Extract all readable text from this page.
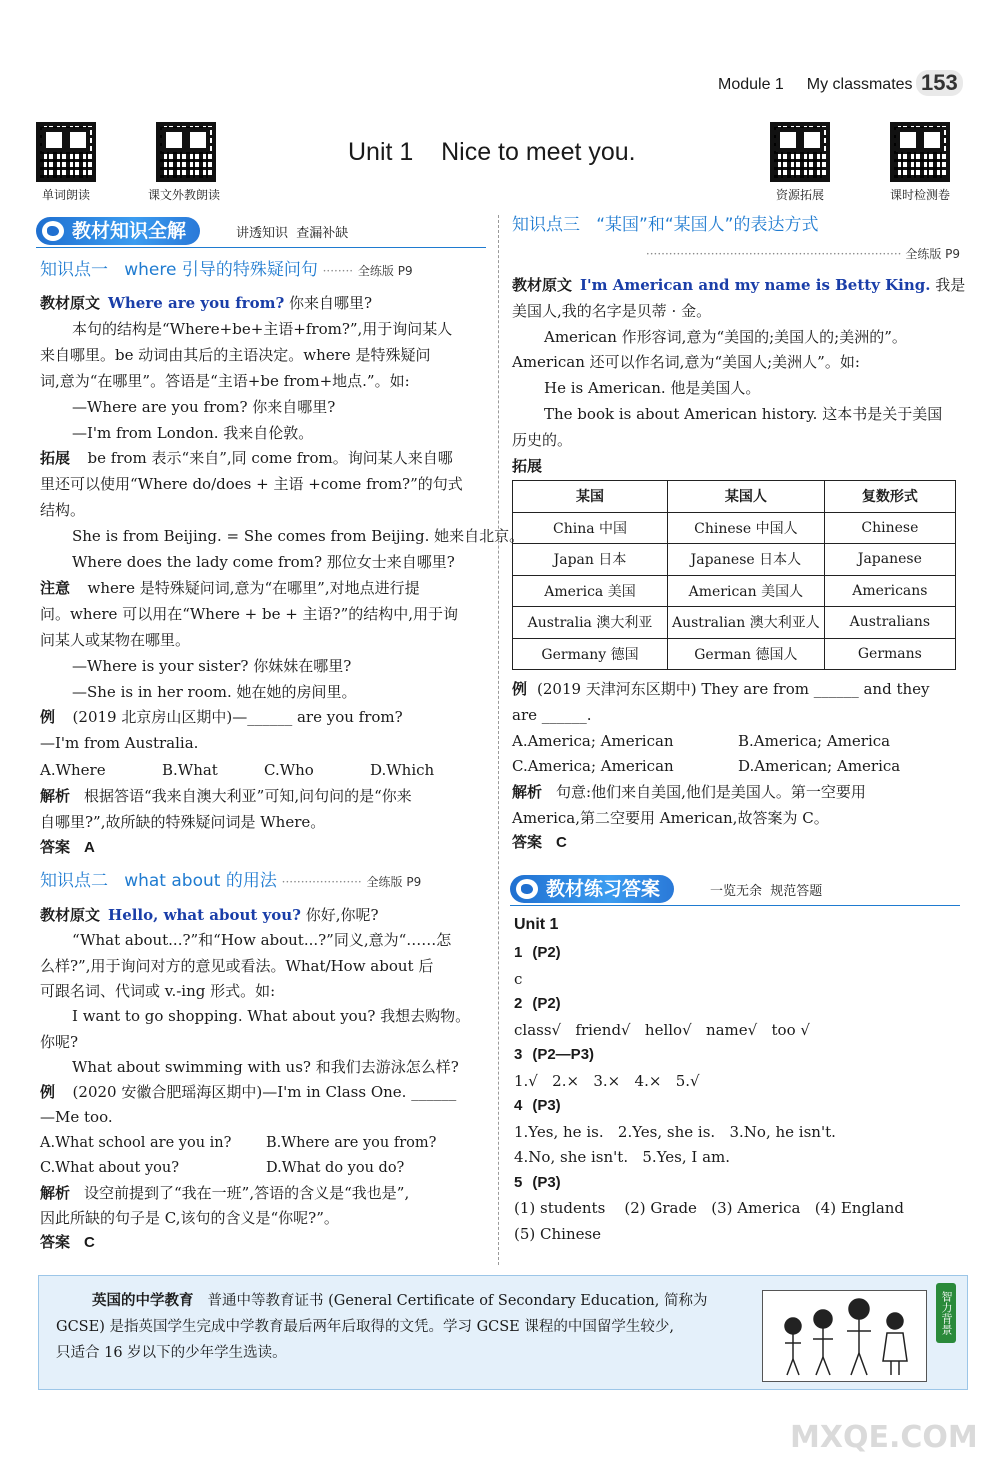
Module 1 My classmates 153
单词朗读	课文外教朗读	资源拓展	课时检测卷
Unit 1    Nice to meet you.
教材知识全解	讲透知识  查漏补缺
知识点一   where 引导的特殊疑问句 ········ 全练版 P9
教材原文 Where are you from? 你来自哪里?
本句的结构是“Where+be+主语+from?”,用于询问某人
来自哪里。be 动词由其后的主语决定。where 是特殊疑问
词,意为“在哪里”。答语是“主语+be from+地点.”。如:
—Where are you from? 你来自哪里?
—I'm from London. 我来自伦敦。
拓展  be from 表示“来自”,同 come from。询问某人来自哪
里还可以使用“Where do/does + 主语 +come from?”的句式
结构。
She is from Beijing. = She comes from Beijing. 她来自北京。
Where does the lady come from? 那位女士来自哪里?
注意  where 是特殊疑问词,意为“在哪里”,对地点进行提
问。where 可以用在“Where + be + 主语?”的结构中,用于询
问某人或某物在哪里。
—Where is your sister? 你妹妹在哪里?
—She is in her room. 她在她的房间里。
例  (2019 北京房山区期中)—______ are you from?
—I'm from Australia.
A.Where	B.What	C.Who	D.Which
解析 根据答语“我来自澳大利亚”可知,问句问的是“你来
自哪里?”,故所缺的特殊疑问词是 Where。
答案 A
知识点二   what about 的用法 ····················· 全练版 P9
教材原文 Hello, what about you? 你好,你呢?
“What about...?”和“How about...?”同义,意为“……怎
么样?”,用于询问对方的意见或看法。What/How about 后
可跟名词、代词或 v.-ing 形式。如:
I want to go shopping. What about you? 我想去购物。
你呢?
What about swimming with us? 和我们去游泳怎么样?
例  (2020 安徽合肥瑶海区期中)—I'm in Class One. ______
—Me too.
A.What school are you in? B.Where are you from?
C.What about you?	D.What do you do?
解析 设空前提到了“我在一班”,答语的含义是“我也是”,
因此所缺的句子是 C,该句的含义是“你呢?”。
答案 C
知识点三   “某国”和“某国人”的表达方式
··································································· 全练版 P9
教材原文 I'm American and my name is Betty King. 我是
美国人,我的名字是贝蒂 · 金。
American 作形容词,意为“美国的;美国人的;美洲的”。
American 还可以作名词,意为“美国人;美洲人”。如:
He is American. 他是美国人。
The book is about American history. 这本书是关于美国
历史的。
拓展
某国	某国人	复数形式
China 中国	Chinese 中国人	Chinese
Japan 日本	Japanese 日本人	Japanese
America 美国	American 美国人	Americans
Australia 澳大利亚	Australian 澳大利亚人	Australians
Germany 德国	German 德国人	Germans
例 (2019 天津河东区期中) They are from ______ and they
are ______.
A.America; American	B.America; America
C.America; American	D.American; America
解析 句意:他们来自美国,他们是美国人。第一空要用
America,第二空要用 American,故答案为 C。
答案 C
教材练习答案	一览无余  规范答题
Unit 1
1 (P2)
c
2 (P2)
class√   friend√   hello√   name√   too √
3 (P2—P3)
1.√   2.×   3.×   4.×   5.√
4 (P3)
1.Yes, he is.   2.Yes, she is.   3.No, he isn't.
4.No, she isn't.   5.Yes, I am.
5 (P3)
(1) students    (2) Grade   (3) America   (4) England
(5) Chinese
英国的中学教育 普通中等教育证书 (General Certificate of Secondary Education, 简称为
GCSE) 是指英国学生完成中学教育最后两年后取得的文凭。学习 GCSE 课程的中国留学生较少,
只适合 16 岁以下的少年学生选读。
智力背景
MXQE.COM
